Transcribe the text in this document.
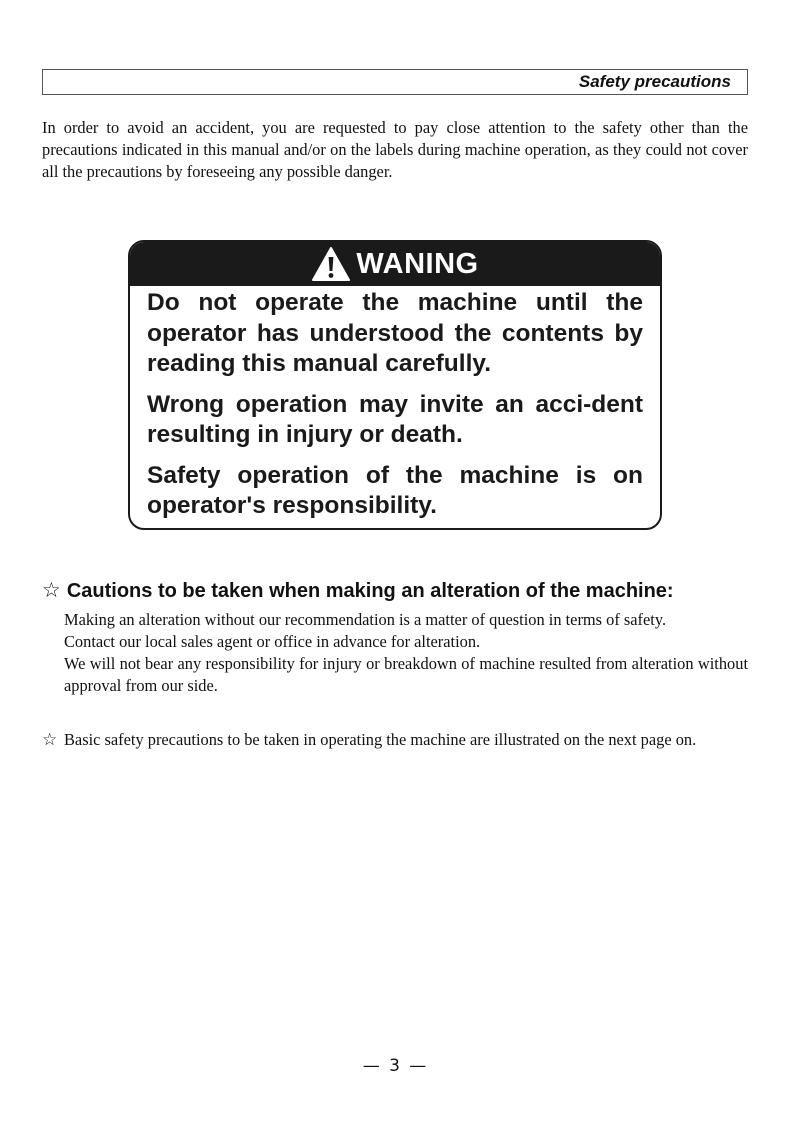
Safety precautions
In order to avoid an accident, you are requested to pay close attention to the safety other than the precautions indicated in this manual and/or on the labels during machine operation, as they could not cover all the precautions by foreseeing any possible danger.
WANING

Do not operate the machine until the operator has understood the contents by reading this manual carefully.

Wrong operation may invite an acci-dent resulting in injury or death.

Safety operation of the machine is on operator's responsibility.

☆ Cautions to be taken when making an alteration of the machine:

Making an alteration without our recommendation is a matter of question in terms of safety.

Contact our local sales agent or office in advance for alteration.

We will not bear any responsibility for injury or breakdown of machine resulted from alteration without approval from our side.

☆ Basic safety precautions to be taken in operating the machine are illustrated on the next page on.
— 3 —
